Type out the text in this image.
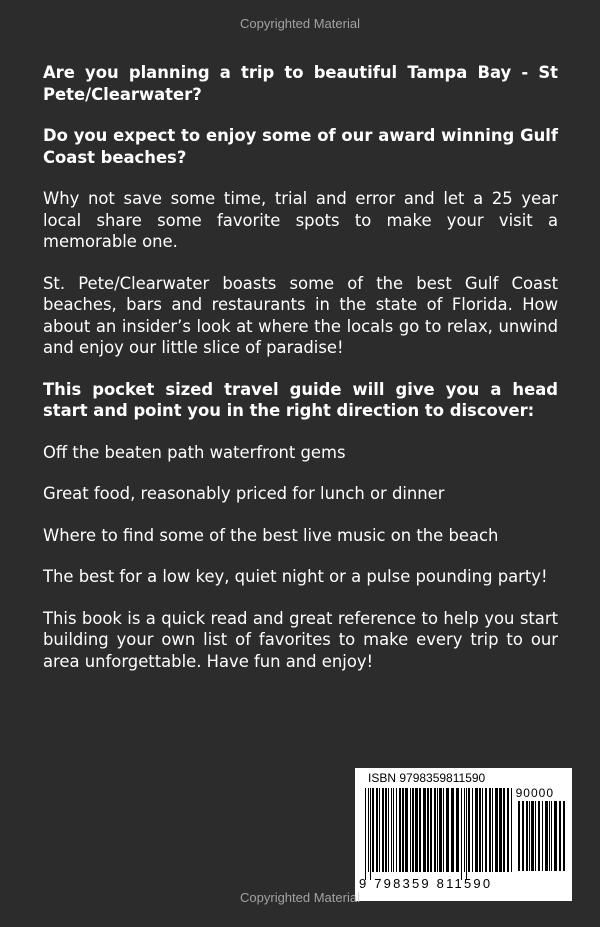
Copyrighted Material

Are you planning a trip to beautiful Tampa Bay - St Pete/Clearwater?

Do you expect to enjoy some of our award winning Gulf Coast beaches?

Why not save some time, trial and error and let a 25 year local share some favorite spots to make your visit a memorable one.

St. Pete/Clearwater boasts some of the best Gulf Coast beaches, bars and restaurants in the state of Florida. How about an insider’s look at where the locals go to relax, unwind and enjoy our little slice of paradise!

This pocket sized travel guide will give you a head start and point you in the right direction to discover:

Off the beaten path waterfront gems

Great food, reasonably priced for lunch or dinner

Where to find some of the best live music on the beach

The best for a low key, quiet night or a pulse pounding party!

This book is a quick read and great reference to help you start building your own list of favorites to make every trip to our area unforgettable. Have fun and enjoy!

ISBN 9798359811590
90000
9 798359 811590
Copyrighted Material
